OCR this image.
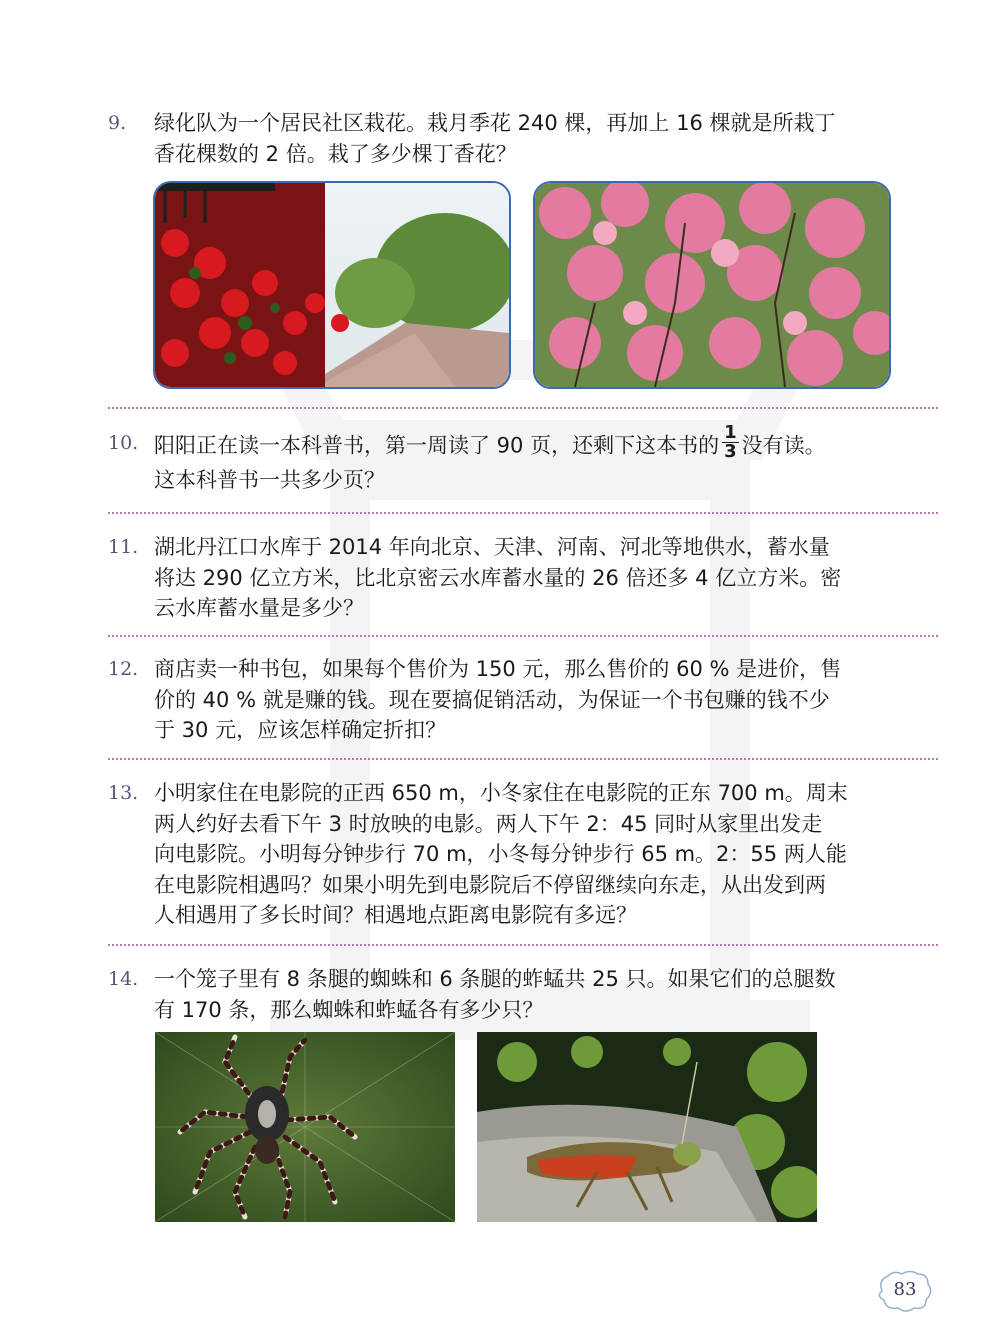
9. 绿化队为一个居民社区栽花。栽月季花 240 棵，再加上 16 棵就是所栽丁
香花棵数的 2 倍。栽了多少棵丁香花？
10. 阳阳正在读一本科普书，第一周读了 90 页，还剩下这本书的 $\frac{1}{3}$ 没有读。
这本科普书一共多少页？
11. 湖北丹江口水库于 2014 年向北京、天津、河南、河北等地供水，蓄水量
将达 290 亿立方米，比北京密云水库蓄水量的 26 倍还多 4 亿立方米。密
云水库蓄水量是多少？
12. 商店卖一种书包，如果每个售价为 150 元，那么售价的 60 % 是进价，售
价的 40 % 就是赚的钱。现在要搞促销活动，为保证一个书包赚的钱不少
于 30 元，应该怎样确定折扣？
13. 小明家住在电影院的正西 650 m，小冬家住在电影院的正东 700 m。周末
两人约好去看下午 3 时放映的电影。两人下午 2：45 同时从家里出发走
向电影院。小明每分钟步行 70 m，小冬每分钟步行 65 m。2：55 两人能
在电影院相遇吗？如果小明先到电影院后不停留继续向东走，从出发到两
人相遇用了多长时间？相遇地点距离电影院有多远？
14. 一个笼子里有 8 条腿的蜘蛛和 6 条腿的蚱蜢共 25 只。如果它们的总腿数
有 170 条，那么蜘蛛和蚱蜢各有多少只？
83
